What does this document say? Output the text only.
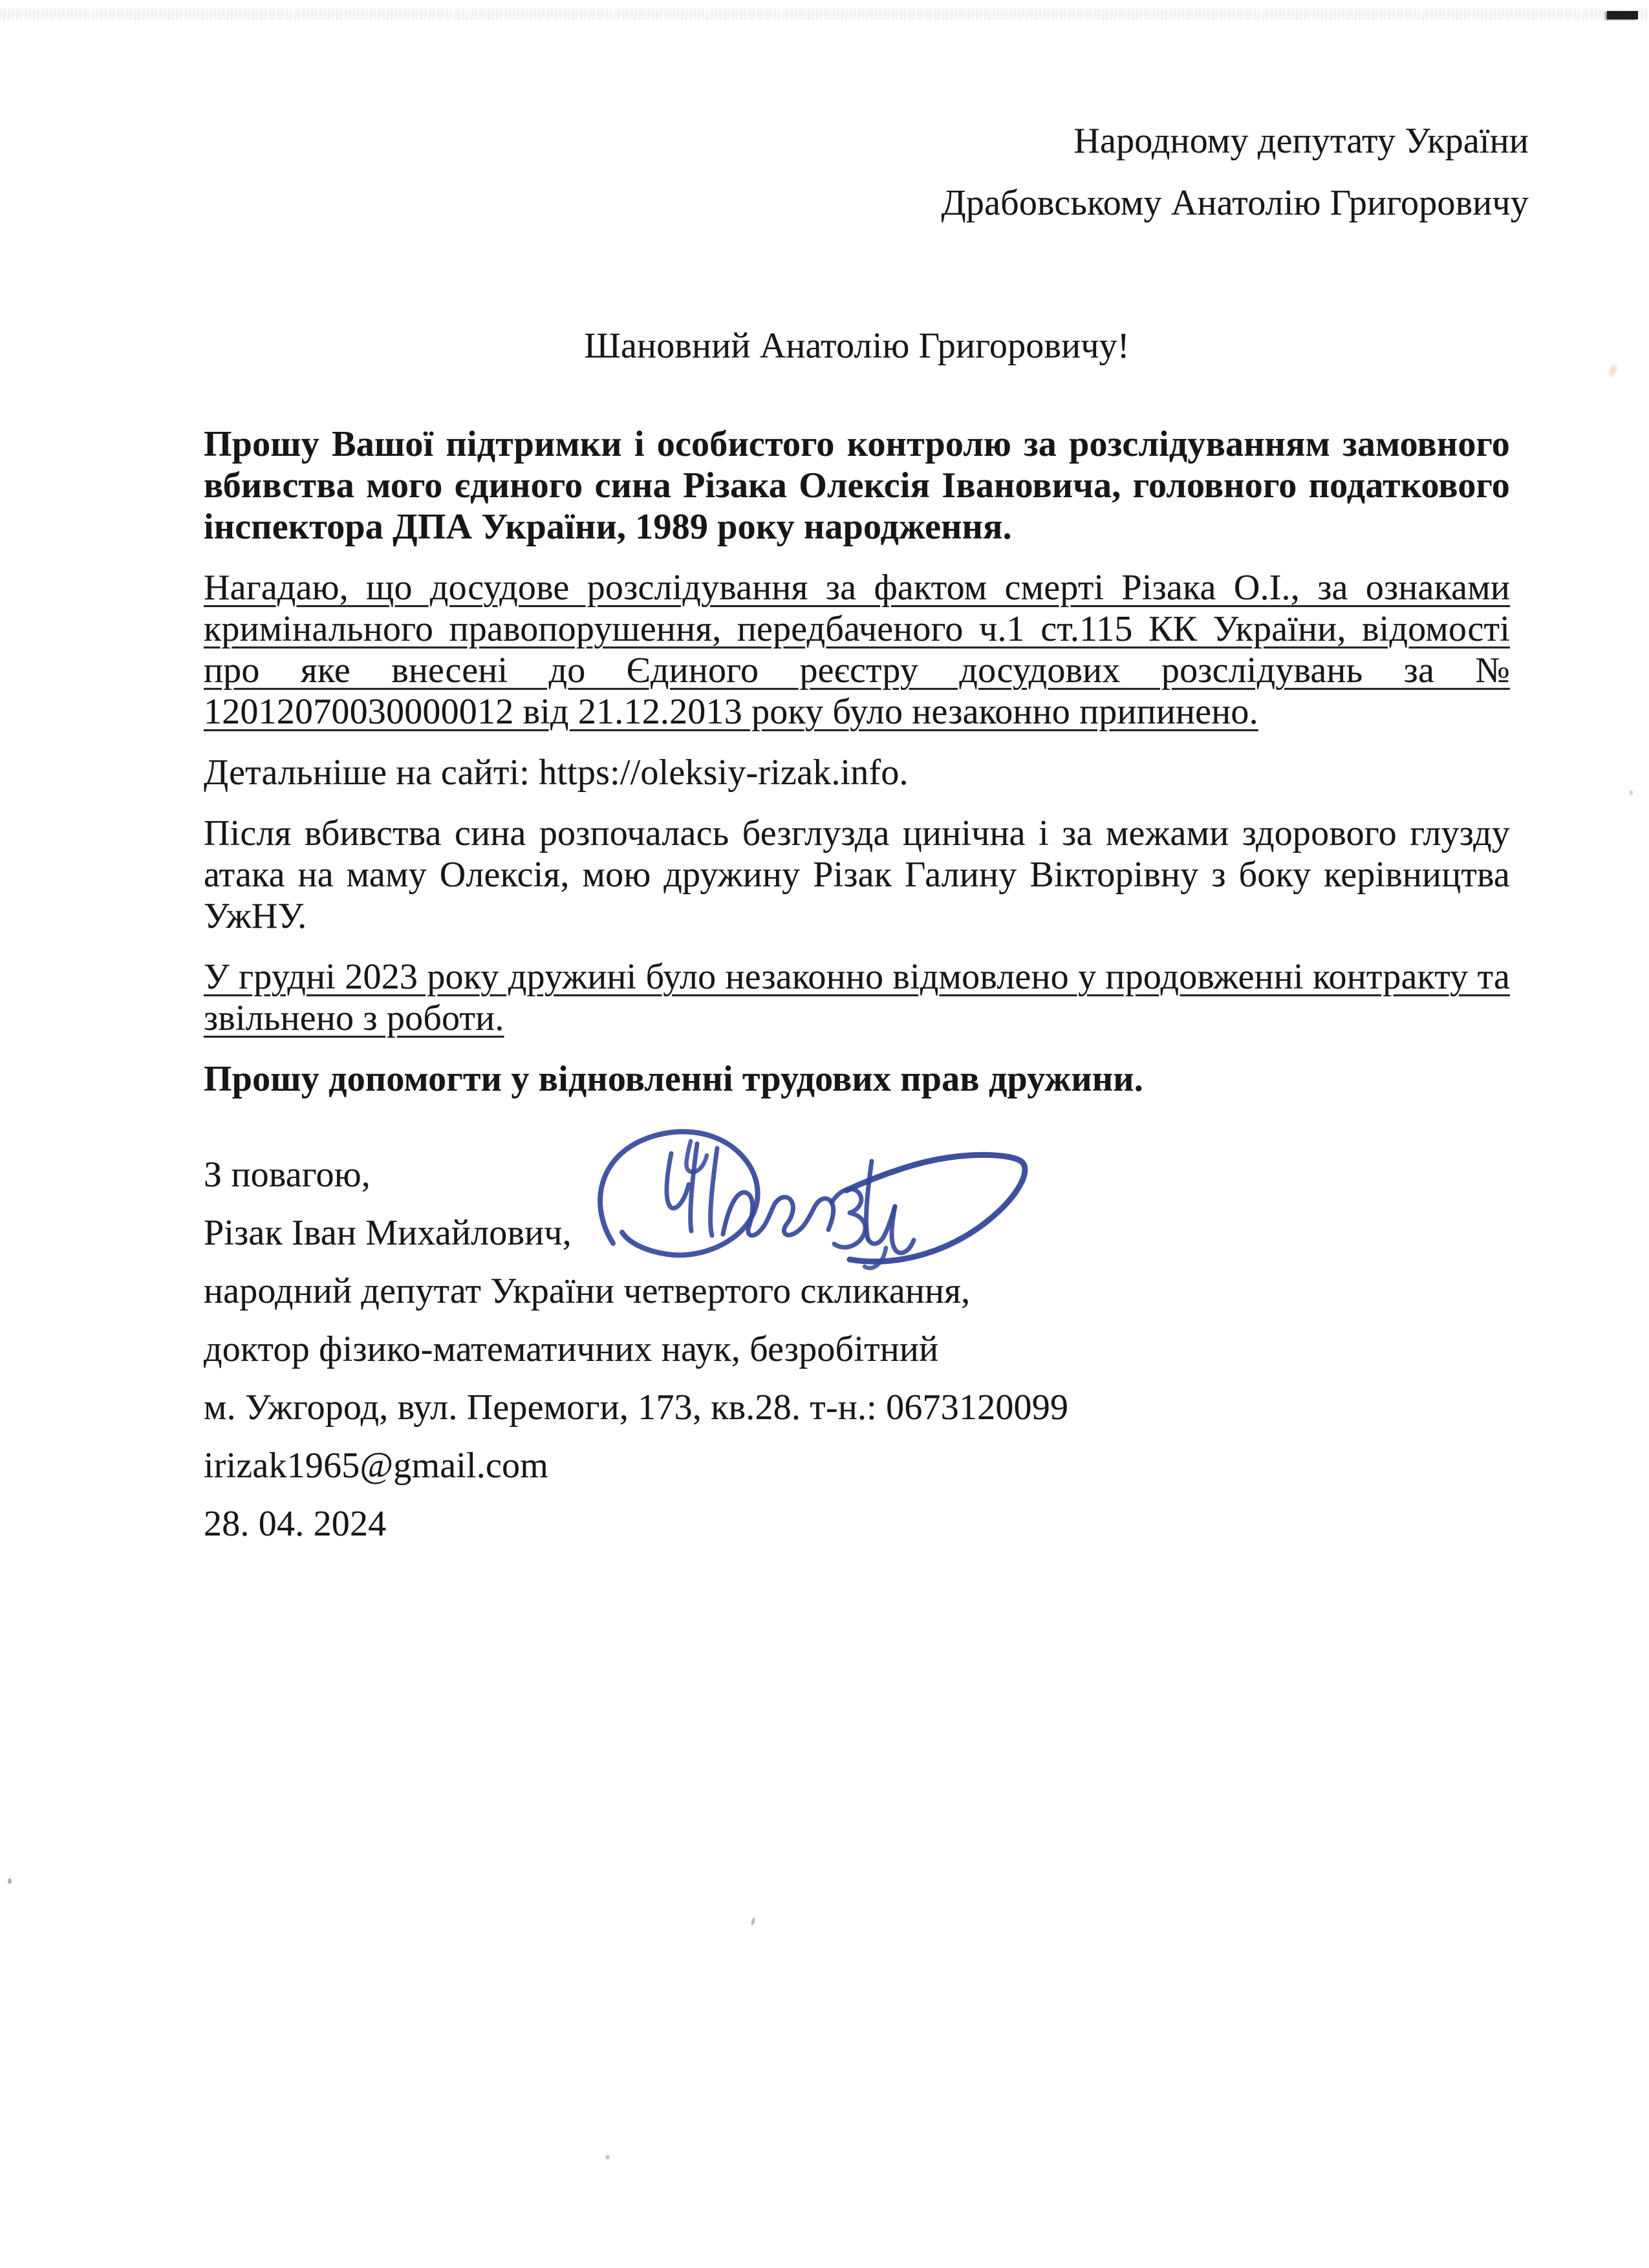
Народному депутату України
Драбовському Анатолію Григоровичу
Шановний Анатолію Григоровичу!

Прошу Вашої підтримки і особистого контролю за розслідуванням замовного вбивства мого єдиного сина Різака Олексія Івановича, головного податкового інспектора ДПА України, 1989 року народження.

Нагадаю, що досудове розслідування за фактом смерті Різака О.І., за ознаками кримінального правопорушення, передбаченого ч.1 ст.115 КК України, відомості про яке внесені до Єдиного реєстру досудових розслідувань за № 12012070030000012 від 21.12.2013 року було незаконно припинено.

Детальніше на сайті: https://oleksiy-rizak.info.

Після вбивства сина розпочалась безглузда цинічна і за межами здорового глузду атака на маму Олексія, мою дружину Різак Галину Вікторівну з боку керівництва УжНУ.

У грудні 2023 року дружині було незаконно відмовлено у продовженні контракту та звільнено з роботи.

Прошу допомогти у відновленні трудових прав дружини.

З повагою,
Різак Іван Михайлович,
народний депутат України четвертого скликання,
доктор фізико-математичних наук, безробітний
м. Ужгород, вул. Перемоги, 173, кв.28. т-н.: 0673120099
irizak1965@gmail.com
28. 04. 2024
